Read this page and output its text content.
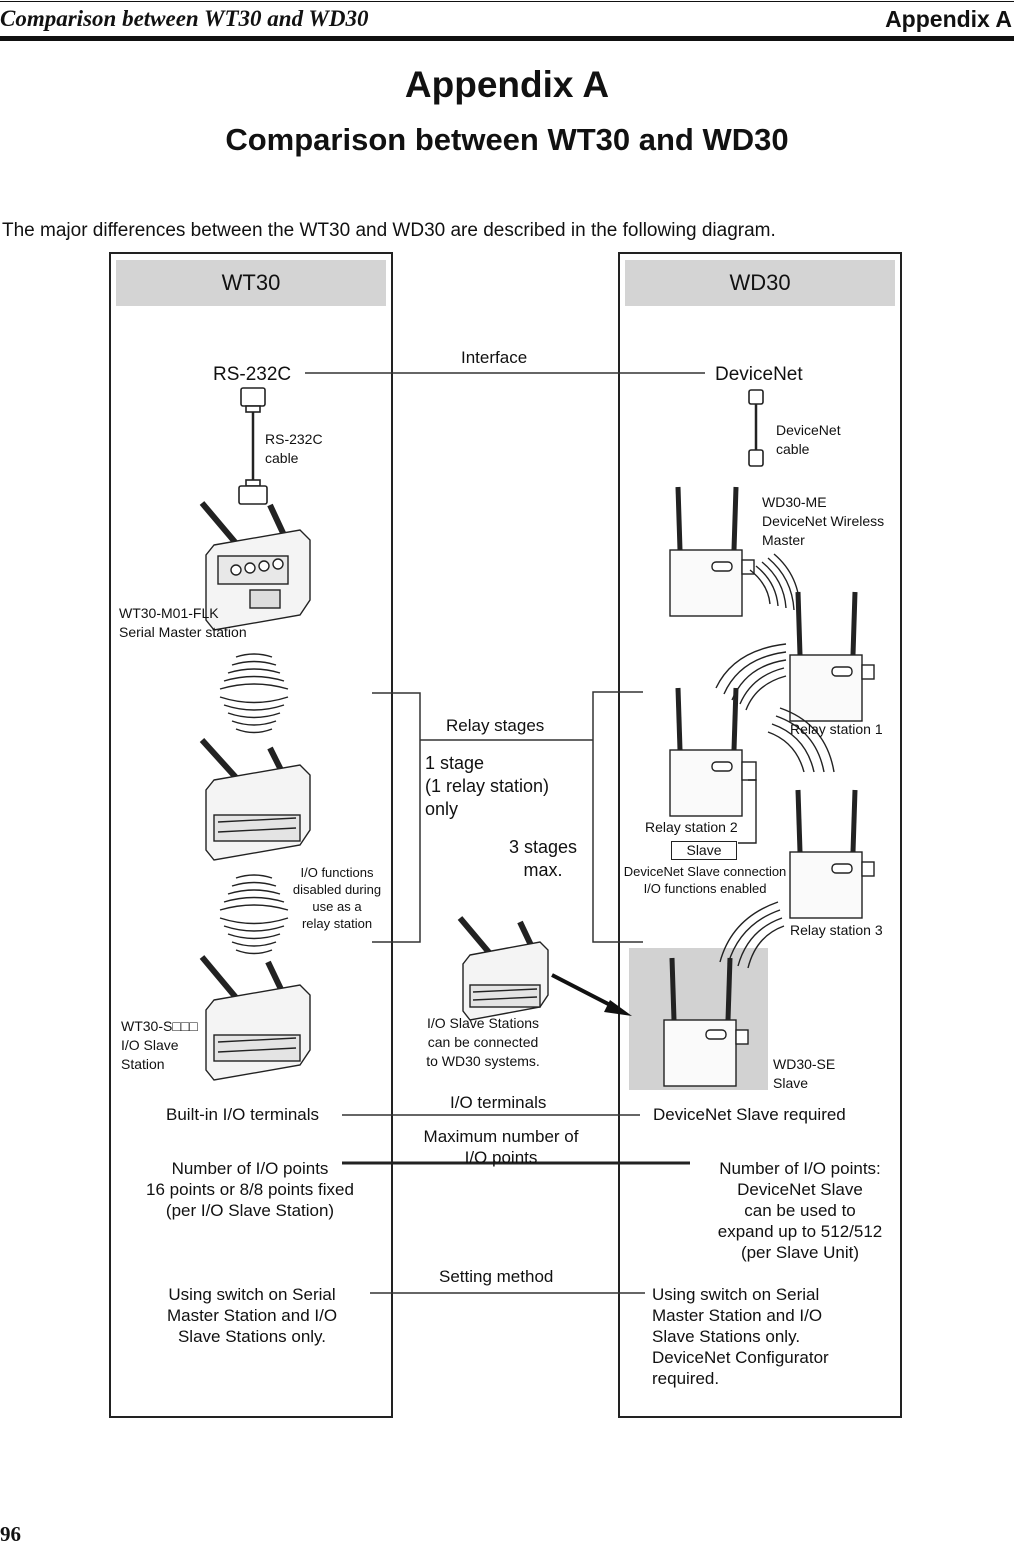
Comparison between WT30 and WD30	Appendix A
Appendix A
Comparison between WT30 and WD30
The major differences between the WT30 and WD30 are described in the following diagram.
WT30	WD30
RS-232C
RS-232C
cable
WT30-M01-FLK
Serial Master station
I/O functions
disabled during
use as a
relay station
WT30-S□□□
I/O Slave
Station
Built-in I/O terminals
Number of I/O points
16 points or 8/8 points fixed
(per I/O Slave Station)
Using switch on Serial
Master Station and I/O
Slave Stations only.
Interface
Relay stages
1 stage
(1 relay station)
only
3 stages
max.
I/O Slave Stations
can be connected
to WD30 systems.
I/O terminals
Maximum number of
I/O points
Setting method
DeviceNet
DeviceNet
cable
WD30-ME
DeviceNet Wireless
Master
Relay station 1
Relay station 2
Relay station 3
Slave
DeviceNet Slave connection
I/O functions enabled
WD30-SE
Slave
DeviceNet Slave required
Number of I/O points:
DeviceNet Slave
can be used to
expand up to 512/512
(per Slave Unit)
Using switch on Serial
Master Station and I/O
Slave Stations only.
DeviceNet Configurator
required.
96
